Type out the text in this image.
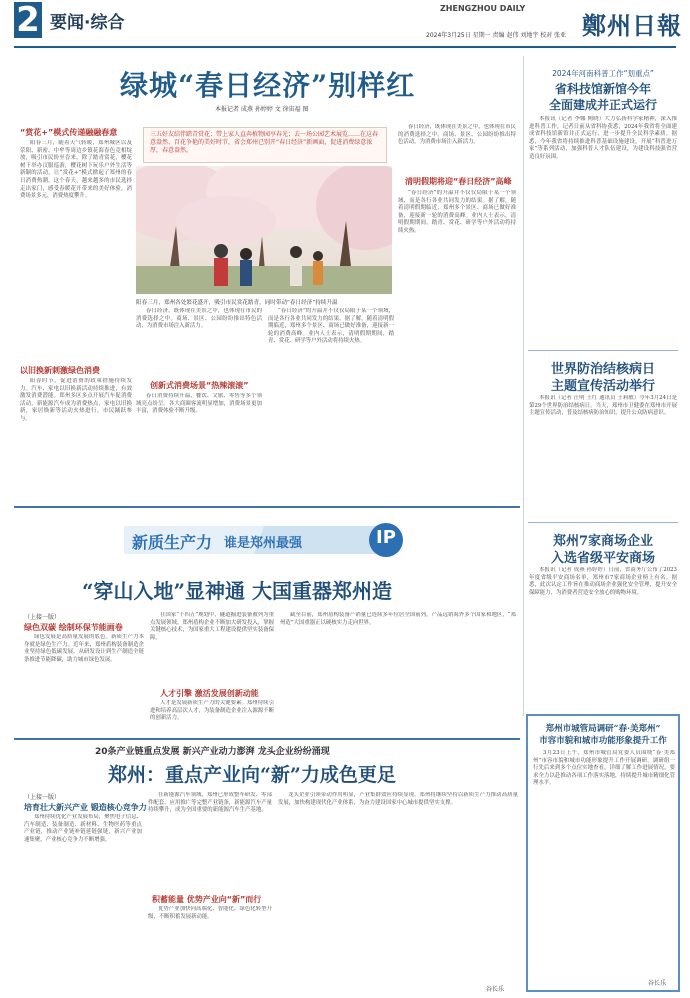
2 要闻·综合
ZHENGZHOU DAILY
2024年3月25日 星期一 责编 赵伟 刘地宇 校对 张亚 鄭州日報
绿城“春日经济”别样红
本报记者 成燕 孙婷婷 文 徐宙福 图
三五好友结伴踏青赏花；带上家人直奔植物园享春光；去一场公园艺术展览……在这春意盎然、百花争艳的美好时节，省会郑州已别开“春日经济”新画面，促进消费绿意浓厚，春意盎然。
“赏花+”模式传递融融春意

阳春三月，随着天气转暖，郑州城区以及荥阳、新密、中牟等周边乡镇花海春色竞相绽放，吸引市民纷至沓来。除了踏青赏花，樱花树下举办汉服巡游，樱花树下玩乐户外生活等新颖的活动，让“赏花+”模式掀起了郑州的春日消费热潮。这个春天，越来越多的市民选择走出家门，感受春暖花开带来的美好体验，消费场景多元，消费热度攀升。

以旧换新刺激绿色消费

阳春时节，促进消费的政策措施持续发力。汽车、家电以旧换新活动持续推进，有效激发消费潜能。郑州多区多点开展汽车促消费活动，新能源汽车成为消费热点，家电以旧换新，家居焕新等活动火热进行，市民踊跃参与。

阳春三月，郑州各处繁花盛开，吸引市民赏花踏青，同时带动“春日经济”持续升温

春日经济，既体现在美景之中，也体现在市民的消费选择之中。商场、景区、公园纷纷推出特色活动，为消费市场注入新活力。

创新式消费场景“热辣滚滚”

春日消费持续升温，餐饮、文旅、零售等多个领域亮点纷呈。各大商圈客流明显增加，消费场景更加丰富，消费体验不断升级。

“春日经济”的升温并不仅仅局限于某一个领域，而是各行各业共同发力的结果。据了解，随着清明假期临近，郑州多个景区、商场已做好准备，迎接新一轮的消费高峰。业内人士表示，清明假期期间，踏青、赏花、研学等户外活动将持续火热。

春日经济，既体现在美景之中，也体现在市民的消费选择之中。商场、景区、公园纷纷推出特色活动，为消费市场注入新活力。

清明假期将迎“春日经济”高峰

“春日经济”的升温并不仅仅局限于某一个领域，而是各行各业共同发力的结果。据了解，随着清明假期临近，郑州多个景区、商场已做好准备，迎接新一轮的消费高峰。业内人士表示，清明假期期间，踏青、赏花、研学等户外活动将持续火热。

2024年河南科普工作“划重点”
省科技馆新馆今年
全面建成并正式运行

本报讯（记者 李娜 陶晓）大力弘扬科学家精神，深入推进科普工作，记者日前从省科协获悉，2024年我省将全面建成省科技馆新馆并正式运行，进一步提升全民科学素质。据悉，今年我省将持续推进科普基础设施建设，开展“科普进万家”等系列活动，加强科普人才队伍建设，为建设科技强省营造良好氛围。

世界防治结核病日
主题宣传活动举行

本报讯（记者 汪明 王红 通讯员 王莉敏）今年3月24日是第29个世界防治结核病日。当天，郑州市卫健委在郑州市开展主题宣传活动，普及结核病防治知识，提升公众防病意识。

郑州7家商场企业
入选省级平安商场

本报讯（记者 成燕 孙婷婷）日前，省商务厅公布了2023年度省级平安商场名单，郑州市7家商场企业榜上有名。据悉，此次认定工作旨在推动商场企业强化安全管理，提升安全保障能力，为消费者营造安全放心的购物环境。

新质生产力 谁是郑州最强	IP
“穿山入地”显神通 大国重器郑州造
（上接一版）
绿色双碳 绘制环保节能画卷

绿色发展是高质量发展的底色。新质生产力本身就是绿色生产力。近年来，郑州盾构装备制造企业坚持绿色低碳发展，从研发设计到生产制造全链条推进节能降碳，助力城市绿色发展。

在国家“十四五”规划中，隧道掘进装备被列为重点发展领域。郑州盾构企业不断加大研发投入，掌握关键核心技术，为国家重大工程建设提供坚实装备保障。

人才引擎 激活发展创新动能

人才是发展新质生产力的关键要素。郑州持续引进和培养高层次人才，为装备制造企业注入源源不断的创新活力。

截至目前，郑州盾构装备产销量已连续多年位居全国前列，产品远销海外多个国家和地区，“郑州造”大国重器正以硬核实力走向世界。

郑州市城管局调研“春·美郑州”
市容市貌和城市功能形象提升工作

3月23日上午，郑州市城管局党委人员围绕“春·美郑州”市容市貌和城市功能形象提升工作开展调研。调研组一行先后来到多个点位实地查看，详细了解工作进展情况，要求全力以赴推动各项工作落实落地，持续提升城市精细化管理水平。

谷长乐
20条产业链重点发展 新兴产业动力澎湃 龙头企业纷纷涌现
郑州：重点产业向“新”力成色更足
（上接一版）
培育壮大新兴产业 锻造核心竞争力

郑州持续优化产业发展布局，聚焦电子信息、汽车制造、装备制造、新材料、生物医药等重点产业链，推动产业链补链延链强链，新兴产业加速集聚，产业核心竞争力不断增强。

在新能源汽车领域，郑州已形成整车研发、零部件配套、应用推广等完整产业链条，新能源汽车产量持续攀升，成为全国重要的新能源汽车生产基地。

积蓄能量 优势产业向“新”而行

优势产业加快向高端化、智能化、绿色化转型升级，不断积蓄发展新动能。

龙头企业引领带动作用明显，产业集群效应持续显现。郑州将继续坚持以新质生产力推动高质量发展，加快构建现代化产业体系，为奋力建设国家中心城市提供坚实支撑。

谷长乐
